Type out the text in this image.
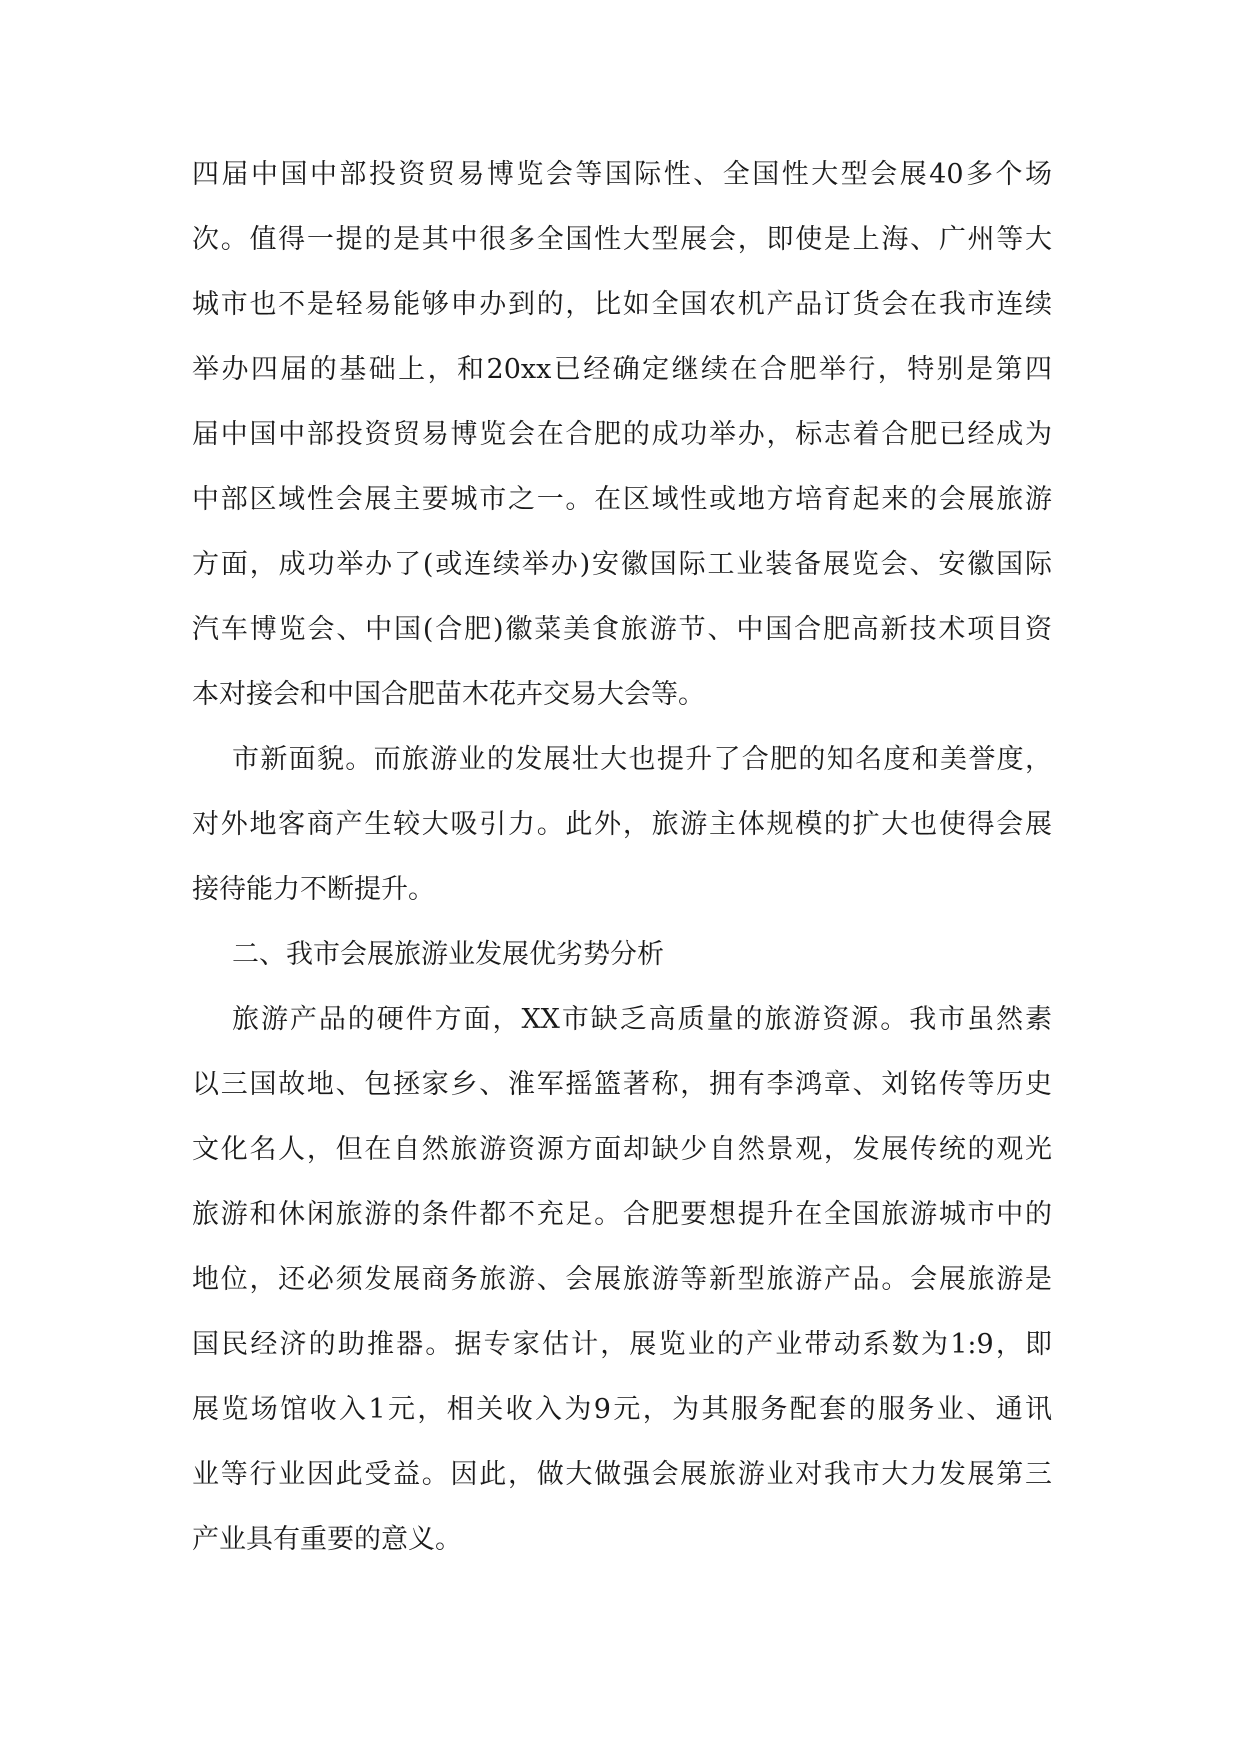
四届中国中部投资贸易博览会等国际性、全国性大型会展40多个场
次。值得一提的是其中很多全国性大型展会，即使是上海、广州等大
城市也不是轻易能够申办到的，比如全国农机产品订货会在我市连续
举办四届的基础上，和20xx已经确定继续在合肥举行，特别是第四
届中国中部投资贸易博览会在合肥的成功举办，标志着合肥已经成为
中部区域性会展主要城市之一。在区域性或地方培育起来的会展旅游
方面，成功举办了(或连续举办)安徽国际工业装备展览会、安徽国际
汽车博览会、中国(合肥)徽菜美食旅游节、中国合肥高新技术项目资
本对接会和中国合肥苗木花卉交易大会等。
市新面貌。而旅游业的发展壮大也提升了合肥的知名度和美誉度，
对外地客商产生较大吸引力。此外，旅游主体规模的扩大也使得会展
接待能力不断提升。
二、我市会展旅游业发展优劣势分析
旅游产品的硬件方面，XX市缺乏高质量的旅游资源。我市虽然素
以三国故地、包拯家乡、淮军摇篮著称，拥有李鸿章、刘铭传等历史
文化名人，但在自然旅游资源方面却缺少自然景观，发展传统的观光
旅游和休闲旅游的条件都不充足。合肥要想提升在全国旅游城市中的
地位，还必须发展商务旅游、会展旅游等新型旅游产品。会展旅游是
国民经济的助推器。据专家估计，展览业的产业带动系数为1:9，即
展览场馆收入1元，相关收入为9元，为其服务配套的服务业、通讯
业等行业因此受益。因此，做大做强会展旅游业对我市大力发展第三
产业具有重要的意义。
